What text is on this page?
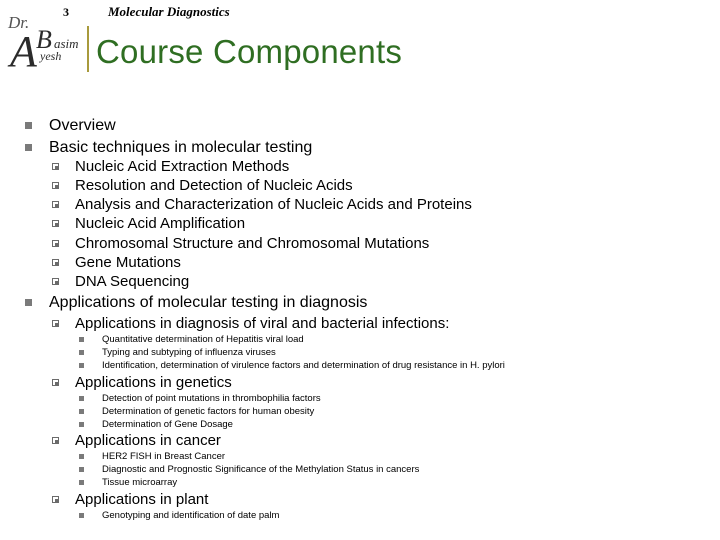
3	Molecular Diagnostics
Dr.
A B asim
yesh Course Components
Overview
Basic techniques in molecular testing
Nucleic Acid Extraction Methods
Resolution and Detection of Nucleic Acids
Analysis and Characterization of Nucleic Acids and Proteins
Nucleic Acid Amplification
Chromosomal Structure and Chromosomal Mutations
Gene Mutations
DNA Sequencing
Applications of molecular testing in diagnosis
Applications in diagnosis of viral and bacterial infections:
Quantitative determination of Hepatitis viral load
Typing and subtyping of influenza viruses
Identification, determination of virulence factors and determination of drug resistance in H. pylori
Applications in genetics
Detection of point mutations in thrombophilia factors
Determination of genetic factors for human obesity
Determination of Gene Dosage
Applications in cancer
HER2 FISH in Breast Cancer
Diagnostic and Prognostic Significance of the Methylation Status in cancers
Tissue microarray
Applications in plant
Genotyping and identification of date palm
